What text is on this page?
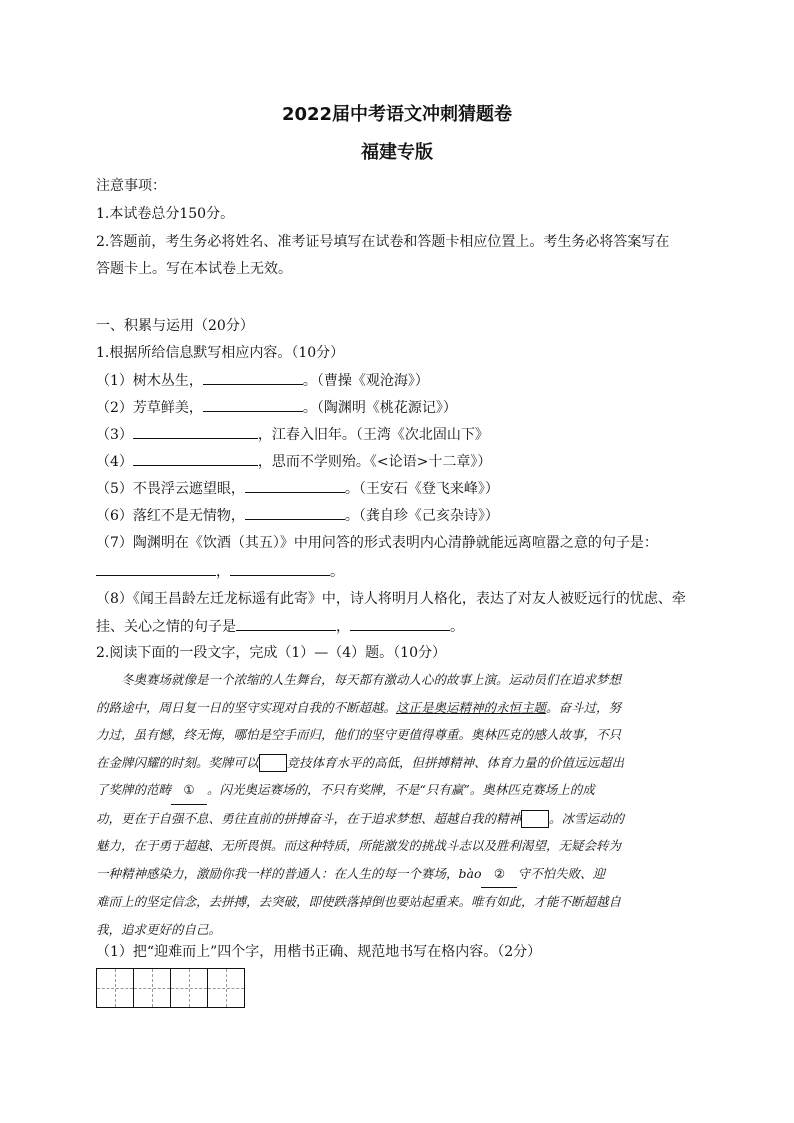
2022届中考语文冲刺猜题卷
福建专版
注意事项：
1.本试卷总分150分。
2.答题前，考生务必将姓名、准考证号填写在试卷和答题卡相应位置上。考生务必将答案写在
答题卡上。写在本试卷上无效。
一、积累与运用（20分）
1.根据所给信息默写相应内容。（10分）
（1）树木丛生，	。（曹操《观沧海》）
（2）芳草鲜美，	。（陶渊明《桃花源记》）
（3）	，江春入旧年。（王湾《次北固山下》
（4）	，思而不学则殆。《<论语>十二章》）
（5）不畏浮云遮望眼，	。（王安石《登飞来峰》）
（6）落红不是无情物，	。（龚自珍《己亥杂诗》）
（7）陶渊明在《饮酒（其五）》中用问答的形式表明内心清静就能远离喧嚣之意的句子是：
，	。
（8）《闻王昌龄左迁龙标遥有此寄》中，诗人将明月人格化，表达了对友人被贬远行的忧虑、牵
挂、关心之情的句子是	，	。
2.阅读下面的一段文字，完成（1）—（4）题。（10分）

冬奥赛场就像是一个浓缩的人生舞台，每天都有激动人心的故事上演。运动员们在追求梦想

的路途中，周日复一日的坚守实现对自我的不断超越。这正是奥运精神的永恒主题。奋斗过，努

力过，虽有憾，终无悔，哪怕是空手而归，他们的坚守更值得尊重。奥林匹克的感人故事，不只

在金牌闪耀的时刻。奖牌可以 竞技体育水平的高低，但拼搏精神、体育力量的价值远远超出

了奖牌的范畴 ① 。闪光奥运赛场的，不只有奖牌，不是“只有赢”。奥林匹克赛场上的成

功，更在于自强不息、勇往直前的拼搏奋斗，在于追求梦想、超越自我的精神 。冰雪运动的

魅力，在于勇于超越、无所畏惧。而这种特质，所能激发的挑战斗志以及胜利渴望，无疑会转为

一种精神感染力，激励你我一样的普通人：在人生的每一个赛场，bào ② 守不怕失败、迎

难而上的坚定信念，去拼搏，去突破，即使跌落掉倒也要站起重来。唯有如此，才能不断超越自

我，追求更好的自己。

（1）把“迎难而上”四个字，用楷书正确、规范地书写在格内容。（2分）
